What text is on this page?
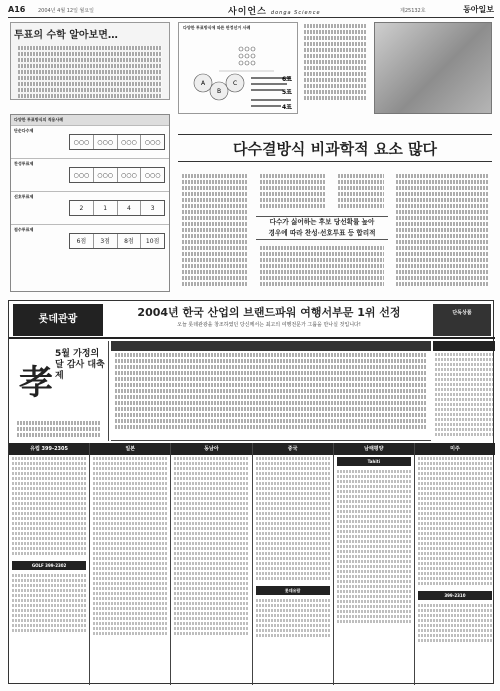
A16	2004년 4월 12일 월요일	사이언스 donga Science	제25132호	동아일보
투표의 수학 알아보면…
다양한 투표방식에 따른 판정선거 사례
A
B
C
6표
5표
4표
다양한 투표방식의 적용사례
단순다수제
○○○	○○○	○○○	○○○
찬성투표제
○○○	○○○	○○○	○○○
선호투표제
2	1	4	3
점수투표제
6점	3점	8점	10점
다수결방식 비과학적 요소 많다
다수가 싫어하는 후보 당선확률 높아
경우에 따라 찬성·선호투표 등 합리적
롯데관광
2004년 한국 산업의 브랜드파워 여행서부문 1위 선정
오늘 롯데관광을 창조하였던 당신께서는 최고의 여행전문가 그룹을 만나실 것입니다!
단독상품
孝
5월 가정의 달 감사 대축제
유럽 399-2305
GOLF 399-2302
일본	동남아	중국
롯데유람
남태평양
Tahiti
미주
399-2310
